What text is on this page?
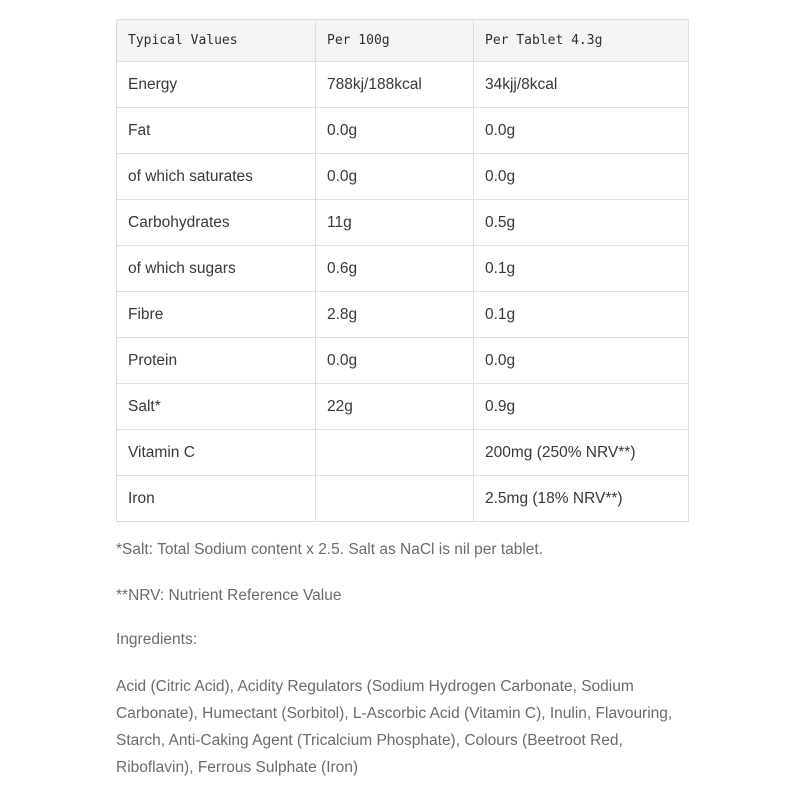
Typical Values	Per 100g	Per Tablet 4.3g
Energy	788kj/188kcal	34kjj/8kcal
Fat	0.0g	0.0g
of which saturates	0.0g	0.0g
Carbohydrates	11g	0.5g
of which sugars	0.6g	0.1g
Fibre	2.8g	0.1g
Protein	0.0g	0.0g
Salt*	22g	0.9g
Vitamin C		200mg (250% NRV**)
Iron		2.5mg (18% NRV**)

*Salt: Total Sodium content x 2.5. Salt as NaCl is nil per tablet.

**NRV: Nutrient Reference Value

Ingredients:

Acid (Citric Acid), Acidity Regulators (Sodium Hydrogen Carbonate, Sodium Carbonate), Humectant (Sorbitol), L-Ascorbic Acid (Vitamin C), Inulin, Flavouring, Starch, Anti-Caking Agent (Tricalcium Phosphate), Colours (Beetroot Red, Riboflavin), Ferrous Sulphate (Iron)
